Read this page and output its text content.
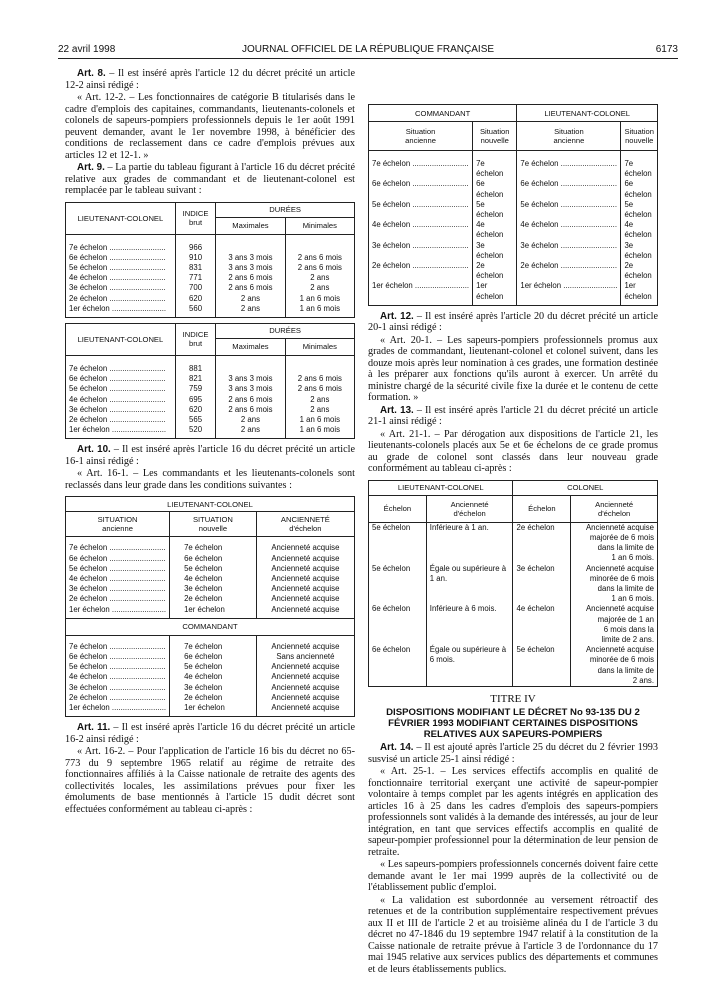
22 avril 1998	JOURNAL OFFICIEL DE LA RÉPUBLIQUE FRANÇAISE	6173

Art. 8. – Il est inséré après l'article 12 du décret précité un article 12-2 ainsi rédigé :

« Art. 12-2. – Les fonctionnaires de catégorie B titularisés dans le cadre d'emplois des capitaines, commandants, lieutenants-colonels et colonels de sapeurs-pompiers professionnels depuis le 1er août 1991 peuvent demander, avant le 1er novembre 1998, à bénéficier des conditions de reclassement dans ce cadre d'emplois prévues aux articles 12 et 12-1. »

Art. 9. – La partie du tableau figurant à l'article 16 du décret précité relative aux grades de commandant et de lieutenant-colonel est remplacée par le tableau suivant :

LIEUTENANT-COLONEL	INDICE
brut	DURÉES	
		Maximales	Minimales
7e échelon ..........................	966		
6e échelon ..........................	910	3 ans 3 mois	2 ans 6 mois
5e échelon ..........................	831	3 ans 3 mois	2 ans 6 mois
4e échelon ..........................	771	2 ans 6 mois	2 ans
3e échelon ..........................	700	2 ans 6 mois	2 ans
2e échelon ..........................	620	2 ans	1 an 6 mois
1er échelon .........................	560	2 ans	1 an 6 mois
LIEUTENANT-COLONEL	INDICE
brut	DURÉES	
		Maximales	Minimales
7e échelon ..........................	881		
6e échelon ..........................	821	3 ans 3 mois	2 ans 6 mois
5e échelon ..........................	759	3 ans 3 mois	2 ans 6 mois
4e échelon ..........................	695	2 ans 6 mois	2 ans
3e échelon ..........................	620	2 ans 6 mois	2 ans
2e échelon ..........................	565	2 ans	1 an 6 mois
1er échelon .........................	520	2 ans	1 an 6 mois

Art. 10. – Il est inséré après l'article 16 du décret précité un article 16-1 ainsi rédigé :

« Art. 16-1. – Les commandants et les lieutenants-colonels sont reclassés dans leur grade dans les conditions suivantes :

LIEUTENANT-COLONEL		
SITUATION
ancienne	SITUATION
nouvelle	ANCIENNETÉ
d'échelon

7e échelon ..........................	7e échelon	Ancienneté acquise
6e échelon ..........................	6e échelon	Ancienneté acquise
5e échelon ..........................	5e échelon	Ancienneté acquise
4e échelon ..........................	4e échelon	Ancienneté acquise
3e échelon ..........................	3e échelon	Ancienneté acquise
2e échelon ..........................	2e échelon	Ancienneté acquise
1er échelon .........................	1er échelon	Ancienneté acquise
COMMANDANT		
7e échelon ..........................	7e échelon	Ancienneté acquise
6e échelon ..........................	6e échelon	Sans ancienneté
5e échelon ..........................	5e échelon	Ancienneté acquise
4e échelon ..........................	4e échelon	Ancienneté acquise
3e échelon ..........................	3e échelon	Ancienneté acquise
2e échelon ..........................	2e échelon	Ancienneté acquise
1er échelon .........................	1er échelon	Ancienneté acquise

Art. 11. – Il est inséré après l'article 16 du décret précité un article 16-2 ainsi rédigé :

« Art. 16-2. – Pour l'application de l'article 16 bis du décret no 65-773 du 9 septembre 1965 relatif au régime de retraite des fonctionnaires affiliés à la Caisse nationale de retraite des agents des collectivités locales, les assimilations prévues pour fixer les émoluments de base mentionnés à l'article 15 dudit décret sont effectuées conformément au tableau ci-après :

COMMANDANT		LIEUTENANT-COLONEL	
Situation
ancienne	Situation
nouvelle	Situation
ancienne	Situation
nouvelle

7e échelon ..........................	7e échelon	7e échelon ..........................	7e échelon
6e échelon ..........................	6e échelon	6e échelon ..........................	6e échelon
5e échelon ..........................	5e échelon	5e échelon ..........................	5e échelon
4e échelon ..........................	4e échelon	4e échelon ..........................	4e échelon
3e échelon ..........................	3e échelon	3e échelon ..........................	3e échelon
2e échelon ..........................	2e échelon	2e échelon ..........................	2e échelon
1er échelon .........................	1er échelon	1er échelon .........................	1er échelon

Art. 12. – Il est inséré après l'article 20 du décret précité un article 20-1 ainsi rédigé :

« Art. 20-1. – Les sapeurs-pompiers professionnels promus aux grades de commandant, lieutenant-colonel et colonel suivent, dans les douze mois après leur nomination à ces grades, une formation destinée à les préparer aux fonctions qu'ils auront à exercer. Un arrêté du ministre chargé de la sécurité civile fixe la durée et le contenu de cette formation. »

Art. 13. – Il est inséré après l'article 21 du décret précité un article 21-1 ainsi rédigé :

« Art. 21-1. – Par dérogation aux dispositions de l'article 21, les lieutenants-colonels placés aux 5e et 6e échelons de ce grade promus au grade de colonel sont classés dans leur nouveau grade conformément au tableau ci-après :

LIEUTENANT-COLONEL		COLONEL	
Échelon	Ancienneté
d'échelon	Échelon	Ancienneté
d'échelon

5e échelon	Inférieure à 1 an.	2e échelon	Ancienneté acquise
majorée de 6 mois
dans la limite de
1 an 6 mois.
5e échelon	Égale ou supérieure à
1 an.	3e échelon	Ancienneté acquise
minorée de 6 mois
dans la limite de
1 an 6 mois.
6e échelon	Inférieure à 6 mois.	4e échelon	Ancienneté acquise
majorée de 1 an
6 mois dans la
limite de 2 ans.
6e échelon	Égale ou supérieure à
6 mois.	5e échelon	Ancienneté acquise
minorée de 6 mois
dans la limite de
2 ans.
TITRE IV
DISPOSITIONS MODIFIANT LE DÉCRET No 93-135 DU 2 FÉVRIER 1993 MODIFIANT CERTAINES DISPOSITIONS RELATIVES AUX SAPEURS-POMPIERS

Art. 14. – Il est ajouté après l'article 25 du décret du 2 février 1993 susvisé un article 25-1 ainsi rédigé :

« Art. 25-1. – Les services effectifs accomplis en qualité de fonctionnaire territorial exerçant une activité de sapeur-pompier volontaire à temps complet par les agents intégrés en application des articles 16 à 25 dans les cadres d'emplois des sapeurs-pompiers professionnels sont validés à la demande des intéressés, au jour de leur intégration, en tant que services effectifs accomplis en qualité de sapeur-pompier professionnel pour la détermination de leur pension de retraite.

« Les sapeurs-pompiers professionnels concernés doivent faire cette demande avant le 1er mai 1999 auprès de la collectivité ou de l'établissement public d'emploi.

« La validation est subordonnée au versement rétroactif des retenues et de la contribution supplémentaire respectivement prévues aux II et III de l'article 2 et au troisième alinéa du I de l'article 3 du décret no 47-1846 du 19 septembre 1947 relatif à la constitution de la Caisse nationale de retraite prévue à l'article 3 de l'ordonnance du 17 mai 1945 relative aux services publics des départements et communes et de leurs établissements publics.
